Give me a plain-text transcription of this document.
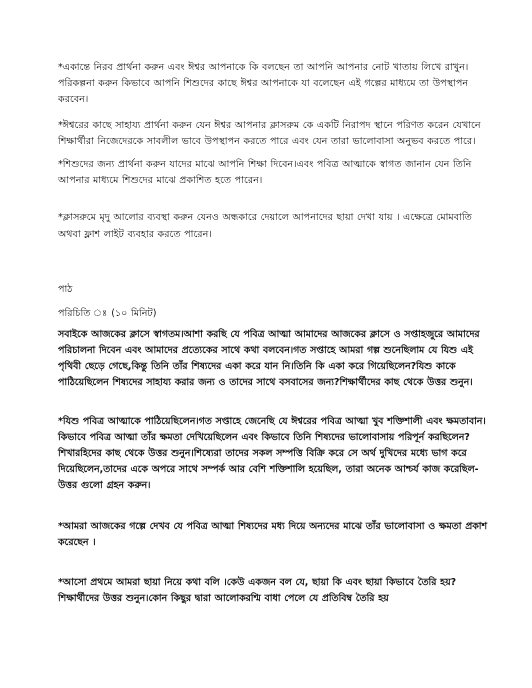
*একান্তে নিরব প্রার্থনা করুন এবং ঈশ্বর আপনাকে কি বলছেন তা আপনি আপনার নোট খাতায় লিখে রাখুন। পরিকল্পনা করুন কিভাবে আপনি শিশুদের কাছে ঈশ্বর আপনাকে যা বলেছেন এই গল্পের মাধ্যমে তা উপস্থাপন করবেন।

*ঈশ্বরের কাছে সাহায্য প্রার্থনা করুন যেন ঈশ্বর আপনার ক্লাসরুম কে একটি নিরাপদ স্থানে পরিণত করেন যেখানে শিক্ষার্থীরা নিজেদেরকে সাবলীল ভাবে উপস্থাপন করতে পারে এবং যেন তারা ভালোবাসা অনুভব করতে পারে।

*শিশুদের জন্য প্রার্থনা করুন যাদের মাঝে আপনি শিক্ষা দিবেন।এবং পবিত্র আত্মাকে স্বাগত জানান যেন তিনি আপনার মাধ্যমে শিশুদের মাঝে প্রকাশিত হতে পারেন।

*ক্লাসরুমে মৃদু আলোর ব্যবস্থা করুন যেনও অন্ধকারে দেয়ালে আপনাদের ছায়া দেখা যায় । এক্ষেত্রে মোমবাতি অথবা ফ্লাশ লাইট ব্যবহার করতে পারেন।

পাঠ

পরিচিতি ঃ (১০ মিনিট)

সবাইকে আজকের ক্লাসে স্বাগতম।আশা করছি যে পবিত্র আত্মা আমাদের আজকের ক্লাসে ও সপ্তাহজুরে আমাদের পরিচালনা দিবেন এবং আমাদের প্রত্যেকের সাথে কথা বলবেন।গত সপ্তাহে আমরা গল্প শুনেছিলাম যে যিশু এই পৃথিবী ছেড়ে গেছে,কিন্তু তিনি তাঁর শিষ্যদের একা করে যান নি।তিনি কি একা করে গিয়েছিলেন?যিশু কাকে পাঠিয়েছিলেন শিষ্যদের সাহায্য করার জন্য ও তাদের সাথে বসবাসের জন্য?শিক্ষার্থীদের কাছ থেকে উত্তর শুনুন।

*যিশু পবিত্র আত্মাকে পাঠিয়েছিলেন।গত সপ্তাহে জেনেছি যে ঈশ্বরের পবিত্র আত্মা খুব শক্তিশালী এবং ক্ষমতাবান।কিভাবে পবিত্র আত্মা তাঁর ক্ষমতা দেখিয়েছিলেন এবং কিভাবে তিনি শিষ্যদের ভালোবাসায় পরিপূর্ন করছিলেন? শিখারহিদের কাছ থেকে উত্তর শুনুন।শিষ্যেরা তাদের সকল সম্পত্তি বিক্রি করে সে অর্থ দুখিদের মধ্যে ভাগ করে দিয়েছিলেন,তাদের একে অপরে সাথে সম্পর্ক আর বেশি শক্তিশালি হয়েছিল, তারা অনেক আশ্চর্য কাজ করেছিল-উত্তর গুলো গ্রহন করুন।

*আমরা আজকের গল্পে দেখব যে পবিত্র আত্মা শিষ্যদের মধ্য দিয়ে অন্যদের মাঝে তাঁর ভালোবাসা ও ক্ষমতা প্রকাশ করেছেন ।

*আসো প্রথমে আমরা ছায়া নিয়ে কথা বলি ।কেউ একজন বল যে, ছায়া কি এবং ছায়া কিভাবে তৈরি হয়?শিক্ষার্থীদের উত্তর শুনুন।কোন কিছুর দ্বারা আলোকরশ্মি বাধা পেলে যে প্রতিবিম্ব তৈরি হয়
